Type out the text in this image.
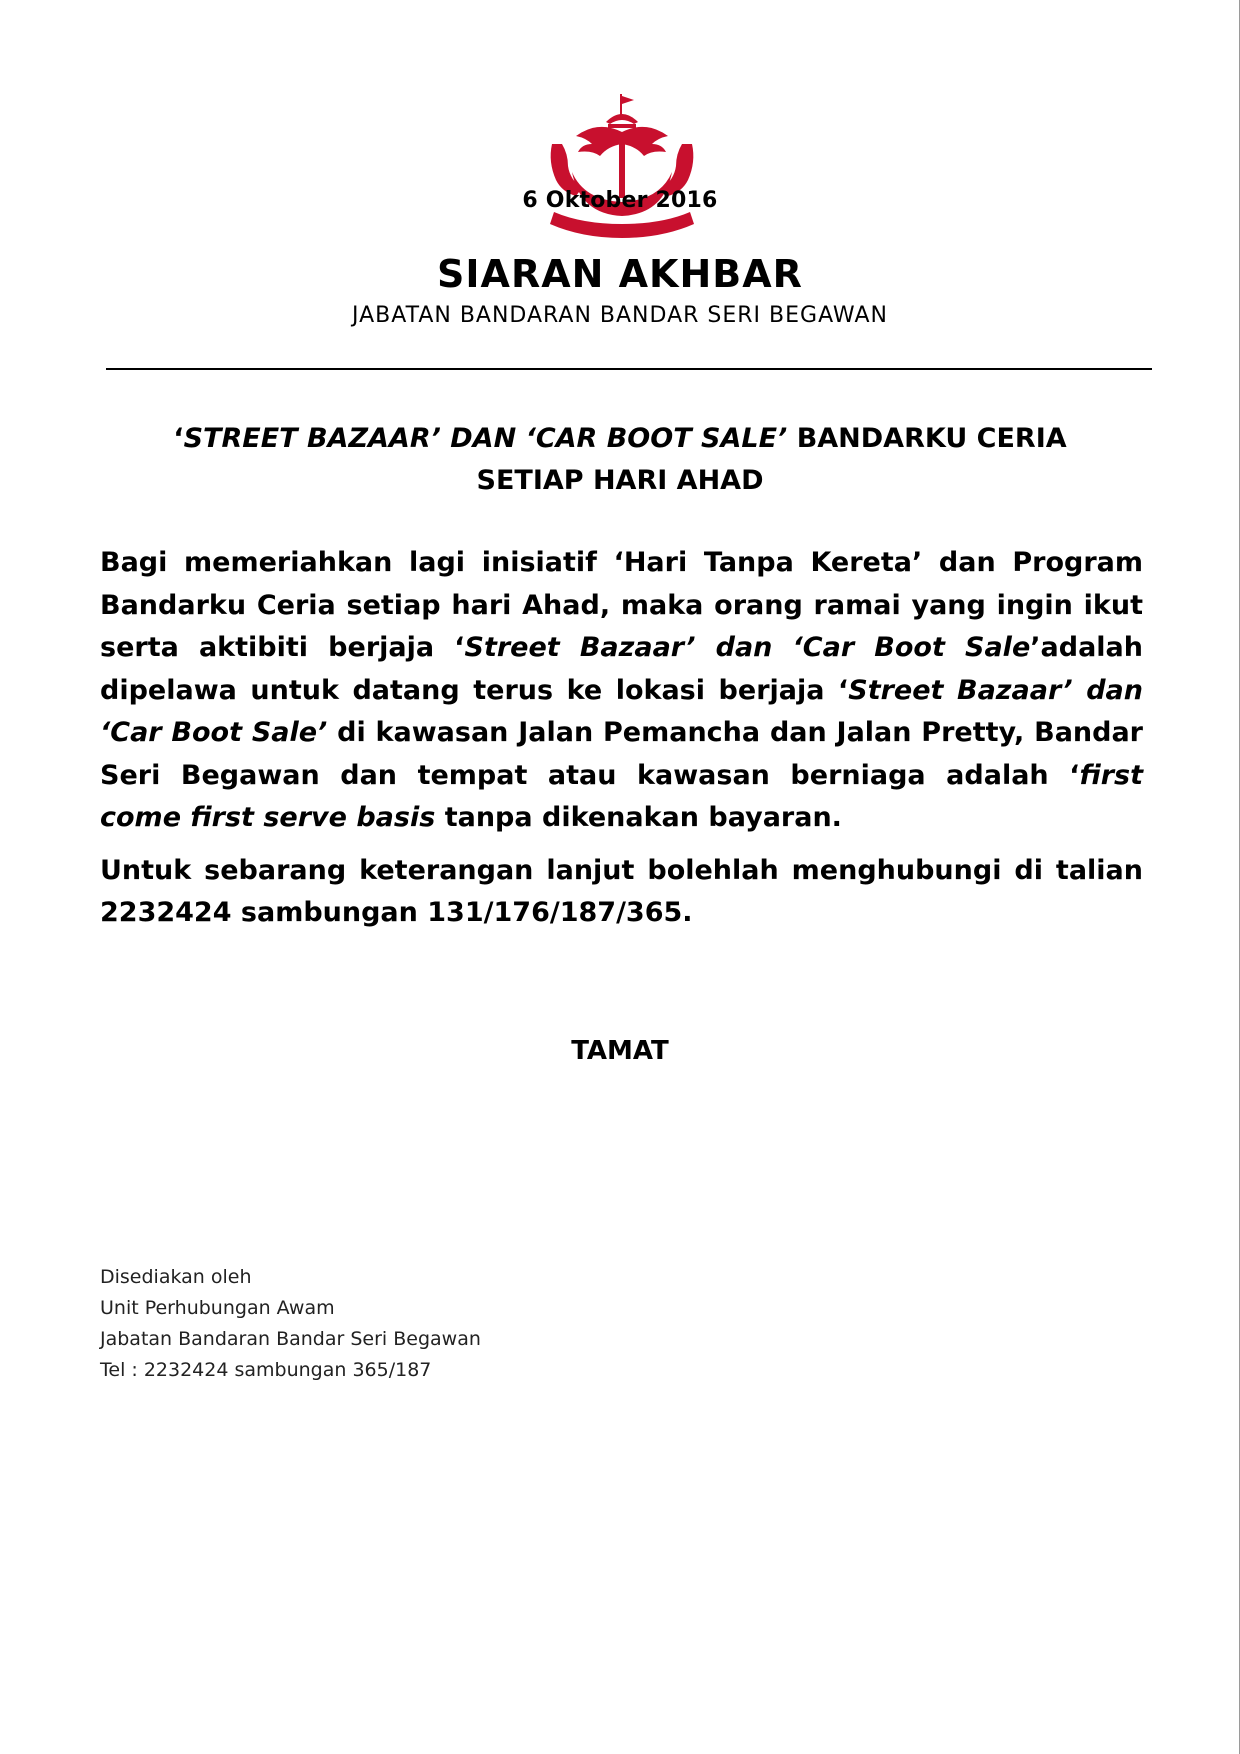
6 Oktober 2016
SIARAN AKHBAR
JABATAN BANDARAN BANDAR SERI BEGAWAN
‘STREET BAZAAR’ DAN ‘CAR BOOT SALE’ BANDARKU CERIA
SETIAP HARI AHAD

Bagi memeriahkan lagi inisiatif ‘Hari Tanpa Kereta’ dan Program Bandarku Ceria setiap hari Ahad, maka orang ramai yang ingin ikut serta aktibiti berjaja ‘Street Bazaar’ dan ‘Car Boot Sale’adalah dipelawa untuk datang terus ke lokasi berjaja ‘Street Bazaar’ dan ‘Car Boot Sale’ di kawasan Jalan Pemancha dan Jalan Pretty, Bandar Seri Begawan dan tempat atau kawasan berniaga adalah ‘first come first serve basis tanpa dikenakan bayaran.

Untuk sebarang keterangan lanjut bolehlah menghubungi di talian 2232424 sambungan 131/176/187/365.

TAMAT
Disediakan oleh
Unit Perhubungan Awam
Jabatan Bandaran Bandar Seri Begawan
Tel : 2232424 sambungan 365/187
